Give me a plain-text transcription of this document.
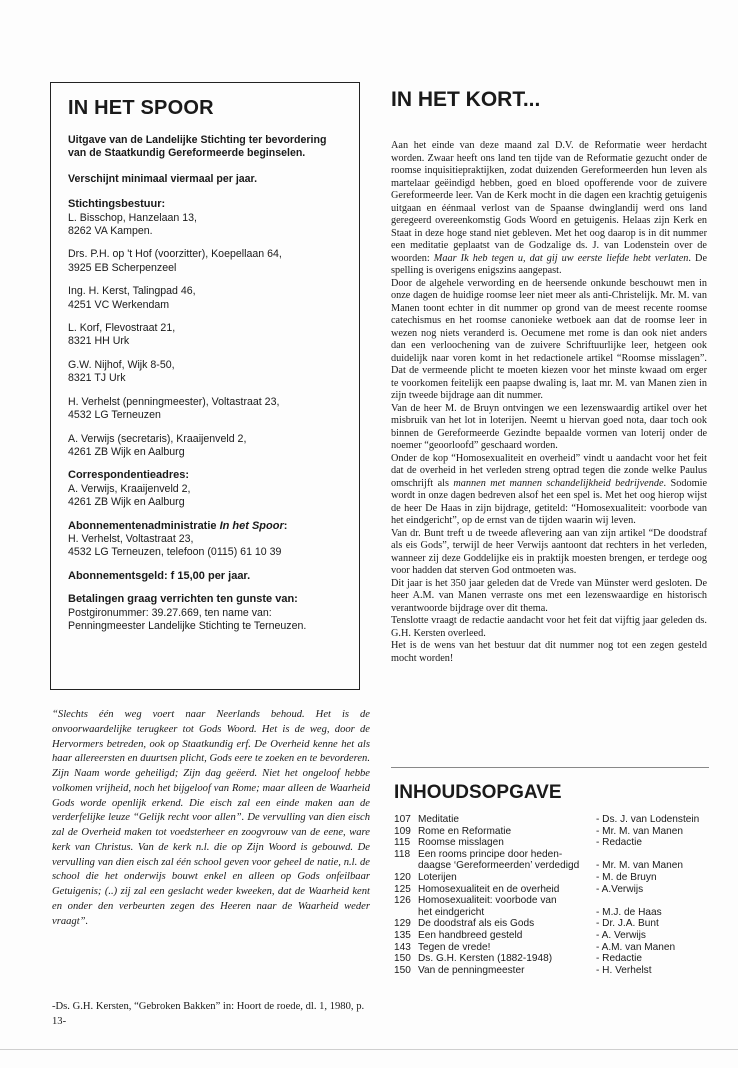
IN HET SPOOR

Uitgave van de Landelijke Stichting ter bevordering van de Staatkundig Gereformeerde beginselen.

Verschijnt minimaal viermaal per jaar.

Stichtingsbestuur:
L. Bisschop, Hanzelaan 13,
8262 VA Kampen.

Drs. P.H. op 't Hof (voorzitter), Koepellaan 64,
3925 EB Scherpenzeel

Ing. H. Kerst, Talingpad 46,
4251 VC Werkendam

L. Korf, Flevostraat 21,
8321 HH Urk

G.W. Nijhof, Wijk 8-50,
8321 TJ Urk

H. Verhelst (penningmeester), Voltastraat 23,
4532 LG Terneuzen

A. Verwijs (secretaris), Kraaijenveld 2,
4261 ZB Wijk en Aalburg

Correspondentieadres:
A. Verwijs, Kraaijenveld 2,
4261 ZB Wijk en Aalburg

Abonnementenadministratie In het Spoor:
H. Verhelst, Voltastraat 23,
4532 LG Terneuzen, telefoon (0115) 61 10 39

Abonnementsgeld: f 15,00 per jaar.

Betalingen graag verrichten ten gunste van:
Postgironummer: 39.27.669, ten name van: Penningmeester Landelijke Stichting te Terneuzen.

“Slechts één weg voert naar Neerlands behoud. Het is de onvoorwaardelijke terugkeer tot Gods Woord. Het is de weg, door de Hervormers betreden, ook op Staatkundig erf. De Overheid kenne het als haar allereersten en duurtsen plicht, Gods eere te zoeken en te bevorderen. Zijn Naam worde geheiligd; Zijn dag geëerd. Niet het ongeloof hebbe volkomen vrijheid, noch het bijgeloof van Rome; maar alleen de Waarheid Gods worde openlijk erkend. Die eisch zal een einde maken aan de verderfelijke leuze “Gelijk recht voor allen”. De vervulling van dien eisch zal de Overheid maken tot voedsterheer en zoogvrouw van de eene, ware kerk van Christus. Van de kerk n.l. die op Zijn Woord is gebouwd. De vervulling van dien eisch zal één school geven voor geheel de natie, n.l. de school die het onderwijs bouwt enkel en alleen op Gods onfeilbaar Getuigenis; (..) zij zal een geslacht weder kweeken, dat de Waarheid kent en onder den verbeurten zegen des Heeren naar de Waarheid weder vraagt”.

-Ds. G.H. Kersten, “Gebroken Bakken” in: Hoort de roede, dl. 1, 1980, p. 13-

IN HET KORT...

Aan het einde van deze maand zal D.V. de Reformatie weer herdacht worden. Zwaar heeft ons land ten tijde van de Reformatie gezucht onder de roomse inquisitiepraktijken, zodat duizenden Gereformeerden hun leven als martelaar geëindigd hebben, goed en bloed opofferende voor de zuivere Gereformeerde leer. Van de Kerk mocht in die dagen een krachtig getuigenis uitgaan en éénmaal verlost van de Spaanse dwinglandij werd ons land geregeerd overeenkomstig Gods Woord en getuigenis. Helaas zijn Kerk en Staat in deze hoge stand niet gebleven. Met het oog daarop is in dit nummer een meditatie geplaatst van de Godzalige ds. J. van Lodenstein over de woorden: Maar Ik heb tegen u, dat gij uw eerste liefde hebt verlaten. De spelling is overigens enigszins aangepast.

Door de algehele verwording en de heersende onkunde beschouwt men in onze dagen de huidige roomse leer niet meer als anti-Christelijk. Mr. M. van Manen toont echter in dit nummer op grond van de meest recente roomse catechismus en het roomse canonieke wetboek aan dat de roomse leer in wezen nog niets veranderd is. Oecumene met rome is dan ook niet anders dan een verloochening van de zuivere Schriftuurlijke leer, hetgeen ook duidelijk naar voren komt in het redactionele artikel “Roomse misslagen”. Dat de vermeende plicht te moeten kiezen voor het minste kwaad om erger te voorkomen feitelijk een paapse dwaling is, laat mr. M. van Manen zien in zijn tweede bijdrage aan dit nummer.

Van de heer M. de Bruyn ontvingen we een lezenswaardig artikel over het misbruik van het lot in loterijen. Neemt u hiervan goed nota, daar toch ook binnen de Gereformeerde Gezindte bepaalde vormen van loterij onder de noemer “geoorloofd” geschaard worden.

Onder de kop “Homosexualiteit en overheid” vindt u aandacht voor het feit dat de overheid in het verleden streng optrad tegen die zonde welke Paulus omschrijft als mannen met mannen schandelijkheid bedrijvende. Sodomie wordt in onze dagen bedreven alsof het een spel is. Met het oog hierop wijst de heer De Haas in zijn bijdrage, getiteld: “Homosexualiteit: voorbode van het eindgericht”, op de ernst van de tijden waarin wij leven.

Van dr. Bunt treft u de tweede aflevering aan van zijn artikel “De doodstraf als eis Gods”, terwijl de heer Verwijs aantoont dat rechters in het verleden, wanneer zij deze Goddelijke eis in praktijk moesten brengen, er terdege oog voor hadden dat sterven God ontmoeten was.

Dit jaar is het 350 jaar geleden dat de Vrede van Münster werd gesloten. De heer A.M. van Manen verraste ons met een lezenswaardige en historisch verantwoorde bijdrage over dit thema.

Tenslotte vraagt de redactie aandacht voor het feit dat vijftig jaar geleden ds. G.H. Kersten overleed.

Het is de wens van het bestuur dat dit nummer nog tot een zegen gesteld mocht worden!

INHOUDSOPGAVE
107 Meditatie	- Ds. J. van Lodenstein
109 Rome en Reformatie	- Mr. M. van Manen
115 Roomse misslagen	- Redactie
118 Een rooms principe door heden-
daagse ‘Gereformeerden’ verdedigd	- Mr. M. van Manen
120 Loterijen	- M. de Bruyn
125 Homosexualiteit en de overheid	- A.Verwijs
126 Homosexualiteit: voorbode van
het eindgericht	- M.J. de Haas
129 De doodstraf als eis Gods	- Dr. J.A. Bunt
135 Een handbreed gesteld	- A. Verwijs
143 Tegen de vrede!	- A.M. van Manen
150 Ds. G.H. Kersten (1882-1948)	- Redactie
150 Van de penningmeester	- H. Verhelst
